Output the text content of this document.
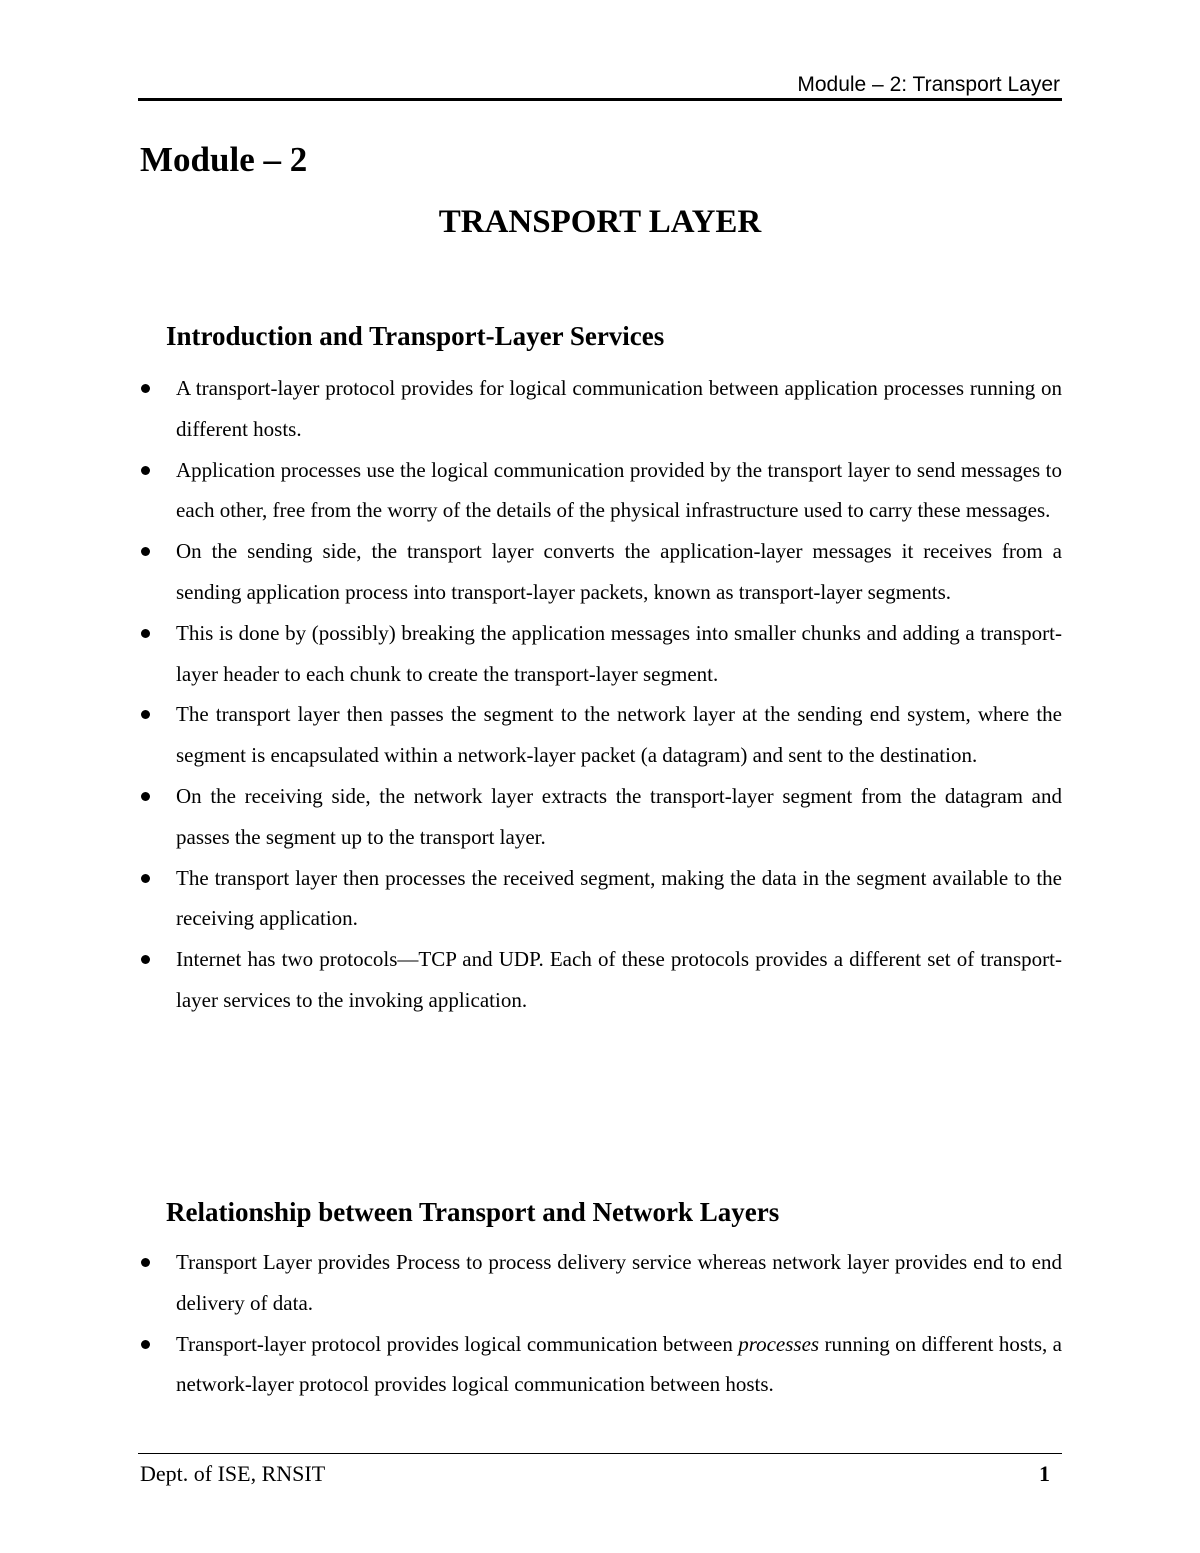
Module – 2: Transport Layer
Module – 2
TRANSPORT LAYER
Introduction and Transport-Layer Services
A transport-layer protocol provides for logical communication between application processes running on different hosts.
Application processes use the logical communication provided by the transport layer to send messages to each other, free from the worry of the details of the physical infrastructure used to carry these messages.
On the sending side, the transport layer converts the application-layer messages it receives from a sending application process into transport-layer packets, known as transport-layer segments.
This is done by (possibly) breaking the application messages into smaller chunks and adding a transport-layer header to each chunk to create the transport-layer segment.
The transport layer then passes the segment to the network layer at the sending end system, where the segment is encapsulated within a network-layer packet (a datagram) and sent to the destination.
On the receiving side, the network layer extracts the transport-layer segment from the datagram and passes the segment up to the transport layer.
The transport layer then processes the received segment, making the data in the segment available to the receiving application.
Internet has two protocols—TCP and UDP. Each of these protocols provides a different set of transport-layer services to the invoking application.
Relationship between Transport and Network Layers
Transport Layer provides Process to process delivery service whereas network layer provides end to end delivery of data.
Transport-layer protocol provides logical communication between processes running on different hosts, a network-layer protocol provides logical communication between hosts.
Dept. of ISE, RNSIT	1
